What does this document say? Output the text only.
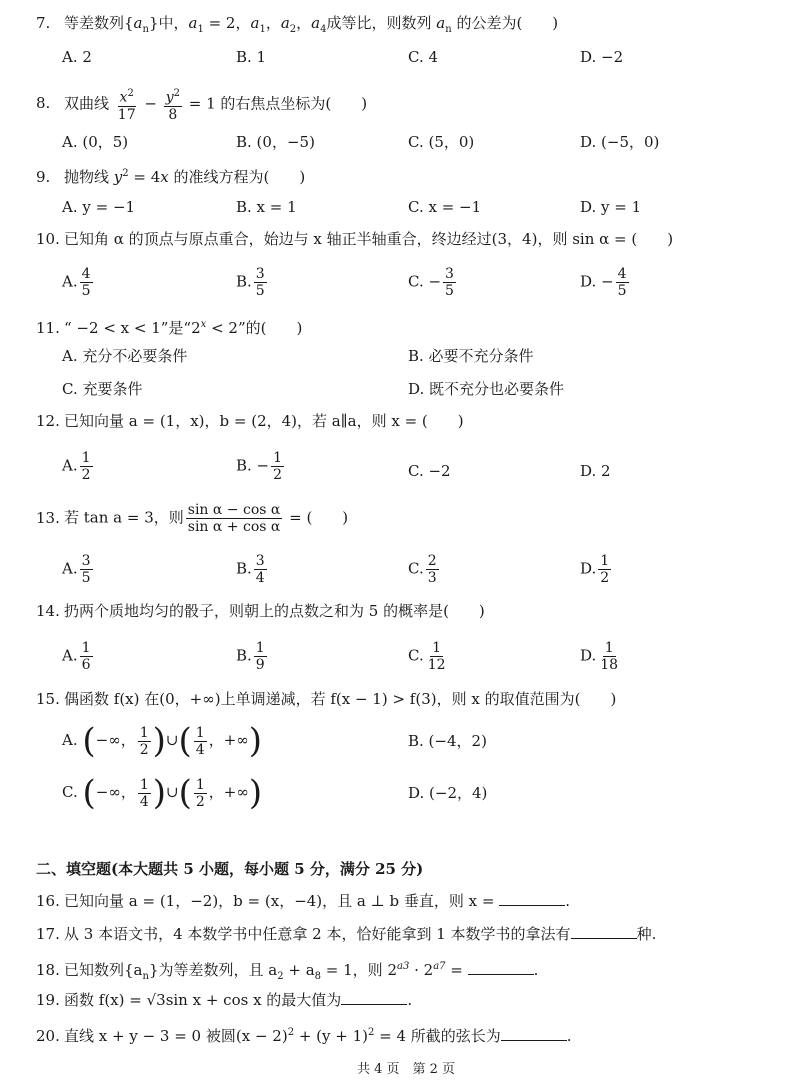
7. 等差数列$\{a_n\}$中，$a_1 = 2$，$a_1$，$a_2$，$a_4$成等比，则数列 $a_n$ 的公差为(　　)
A. 2	B. 1	C. 4	D. −2
8. 双曲线 $\frac{x^2}{17} - \frac{y^2}{8} = 1$ 的右焦点坐标为(　　)
A. (0，5)	B. (0，−5)	C. (5，0)	D. (−5，0)
9. 抛物线 $y^2 = 4x$ 的准线方程为(　　)
A. y = −1	B. x = 1	C. x = −1	D. y = 1
10. 已知角 α 的顶点与原点重合，始边与 x 轴正半轴重合，终边经过(3，4)，则 sin α = (　　)
A. $\frac{4}{5}$	B. $\frac{3}{5}$	C. − $\frac{3}{5}$	D. − $\frac{4}{5}$
11. “ −2 < x < 1”是“$2^x < 2$”的(　　)
A. 充分不必要条件	B. 必要不充分条件
C. 充要条件	D. 既不充分也必要条件
12. 已知向量 a = (1，x)，b = (2，4)，若 a∥a，则 x = (　　)
A. $\frac{1}{2}$	B. − $\frac{1}{2}$	C. −2	D. 2
13. 若 tan a = 3，则 $\frac{\text{sin α − cos α}}{\text{sin α + cos α}}$ = (　　)
A. $\frac{3}{5}$	B. $\frac{3}{4}$	C. $\frac{2}{3}$	D. $\frac{1}{2}$
14. 扔两个质地均匀的骰子，则朝上的点数之和为 5 的概率是(　　)
A. $\frac{1}{6}$	B. $\frac{1}{9}$	C. $\frac{1}{12}$	D. $\frac{1}{18}$
15. 偶函数 f(x) 在(0，+∞)上单调递减，若 f(x − 1) > f(3)，则 x 的取值范围为(　　)
A. (−∞， $\frac{1}{2}$ )∪( $\frac{1}{4}$ ，+∞)	B. (−4，2)
C. (−∞， $\frac{1}{4}$ )∪( $\frac{1}{2}$ ，+∞)	D. (−2，4)
二、填空题(本大题共 5 小题，每小题 5 分，满分 25 分)
16. 已知向量 a = (1，−2)，b = (x，−4)，且 a ⊥ b 垂直，则 x =	.
17. 从 3 本语文书，4 本数学书中任意拿 2 本，恰好能拿到 1 本数学书的拿法有	种.
18. 已知数列$\{a_n\}$为等差数列，且 $a_2 + a_8 = 1$，则 $2^{a3} \cdot 2^{a7}$ =	.
19. 函数 f(x) = √3sin x + cos x 的最大值为	.
20. 直线 x + y − 3 = 0 被圆$(x - 2)^2 + (y + 1)^2 = 4$ 所截的弦长为	.
共 4 页　第 2 页
